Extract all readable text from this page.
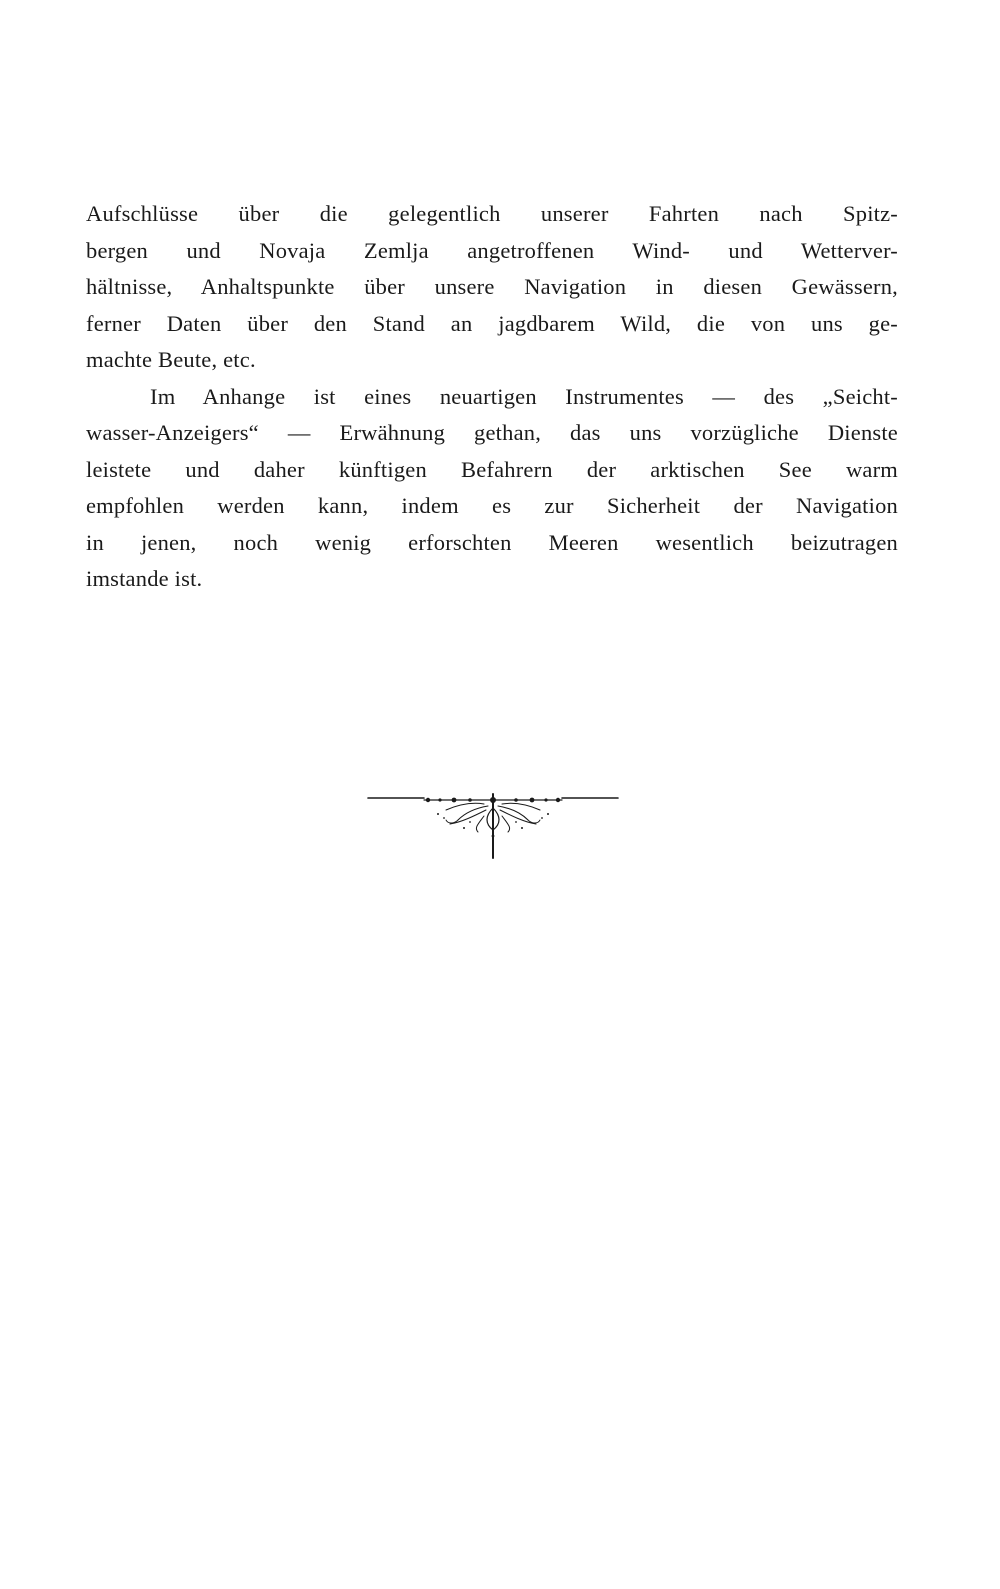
Aufschlüsse über die gelegentlich unserer Fahrten nach Spitz-
bergen und Novaja Zemlja angetroffenen Wind- und Wetterver-
hältnisse, Anhaltspunkte über unsere Navigation in diesen Gewässern,
ferner Daten über den Stand an jagdbarem Wild, die von uns ge-
machte Beute, etc.
Im Anhange ist eines neuartigen Instrumentes — des „Seicht-
wasser-Anzeigers“ — Erwähnung gethan, das uns vorzügliche Dienste
leistete und daher künftigen Befahrern der arktischen See warm
empfohlen werden kann, indem es zur Sicherheit der Navigation
in jenen, noch wenig erforschten Meeren wesentlich beizutragen
imstande ist.
